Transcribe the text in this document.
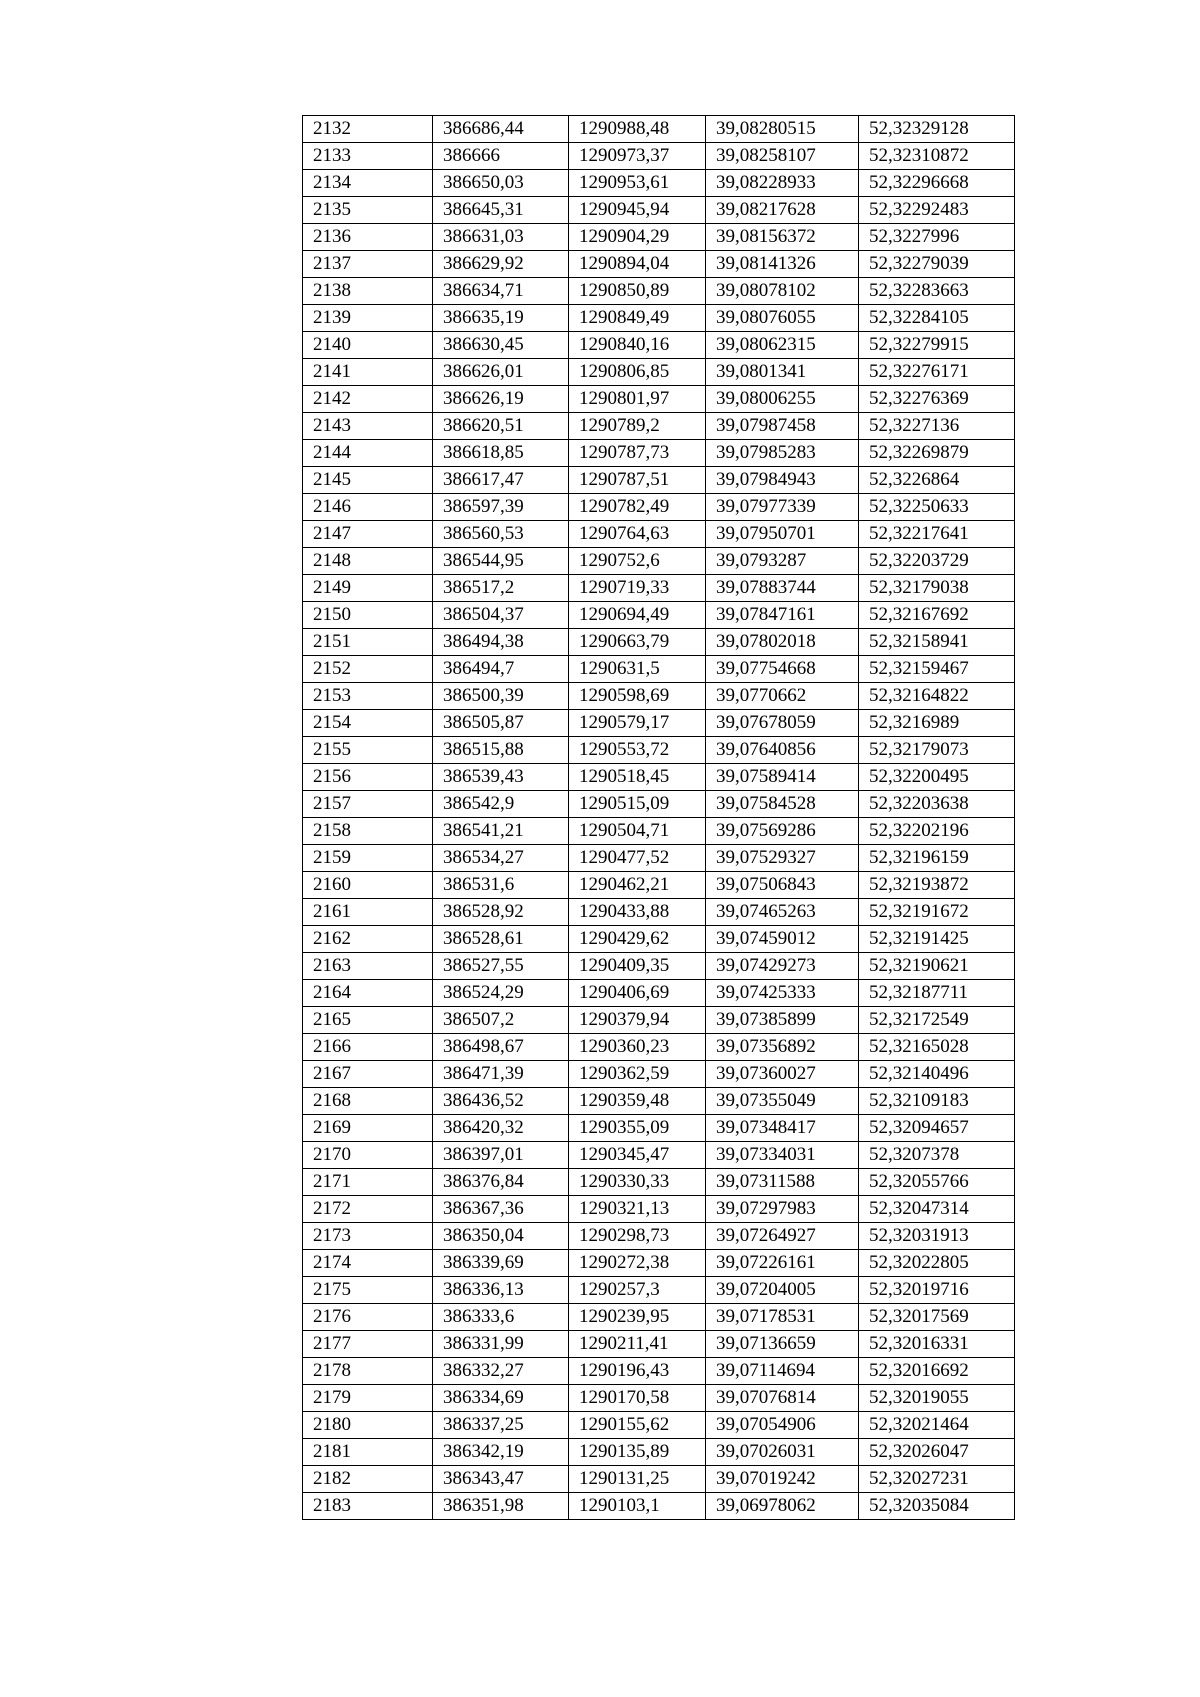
2132	386686,44	1290988,48	39,08280515	52,32329128
2133	386666	1290973,37	39,08258107	52,32310872
2134	386650,03	1290953,61	39,08228933	52,32296668
2135	386645,31	1290945,94	39,08217628	52,32292483
2136	386631,03	1290904,29	39,08156372	52,3227996
2137	386629,92	1290894,04	39,08141326	52,32279039
2138	386634,71	1290850,89	39,08078102	52,32283663
2139	386635,19	1290849,49	39,08076055	52,32284105
2140	386630,45	1290840,16	39,08062315	52,32279915
2141	386626,01	1290806,85	39,0801341	52,32276171
2142	386626,19	1290801,97	39,08006255	52,32276369
2143	386620,51	1290789,2	39,07987458	52,3227136
2144	386618,85	1290787,73	39,07985283	52,32269879
2145	386617,47	1290787,51	39,07984943	52,3226864
2146	386597,39	1290782,49	39,07977339	52,32250633
2147	386560,53	1290764,63	39,07950701	52,32217641
2148	386544,95	1290752,6	39,0793287	52,32203729
2149	386517,2	1290719,33	39,07883744	52,32179038
2150	386504,37	1290694,49	39,07847161	52,32167692
2151	386494,38	1290663,79	39,07802018	52,32158941
2152	386494,7	1290631,5	39,07754668	52,32159467
2153	386500,39	1290598,69	39,0770662	52,32164822
2154	386505,87	1290579,17	39,07678059	52,3216989
2155	386515,88	1290553,72	39,07640856	52,32179073
2156	386539,43	1290518,45	39,07589414	52,32200495
2157	386542,9	1290515,09	39,07584528	52,32203638
2158	386541,21	1290504,71	39,07569286	52,32202196
2159	386534,27	1290477,52	39,07529327	52,32196159
2160	386531,6	1290462,21	39,07506843	52,32193872
2161	386528,92	1290433,88	39,07465263	52,32191672
2162	386528,61	1290429,62	39,07459012	52,32191425
2163	386527,55	1290409,35	39,07429273	52,32190621
2164	386524,29	1290406,69	39,07425333	52,32187711
2165	386507,2	1290379,94	39,07385899	52,32172549
2166	386498,67	1290360,23	39,07356892	52,32165028
2167	386471,39	1290362,59	39,07360027	52,32140496
2168	386436,52	1290359,48	39,07355049	52,32109183
2169	386420,32	1290355,09	39,07348417	52,32094657
2170	386397,01	1290345,47	39,07334031	52,3207378
2171	386376,84	1290330,33	39,07311588	52,32055766
2172	386367,36	1290321,13	39,07297983	52,32047314
2173	386350,04	1290298,73	39,07264927	52,32031913
2174	386339,69	1290272,38	39,07226161	52,32022805
2175	386336,13	1290257,3	39,07204005	52,32019716
2176	386333,6	1290239,95	39,07178531	52,32017569
2177	386331,99	1290211,41	39,07136659	52,32016331
2178	386332,27	1290196,43	39,07114694	52,32016692
2179	386334,69	1290170,58	39,07076814	52,32019055
2180	386337,25	1290155,62	39,07054906	52,32021464
2181	386342,19	1290135,89	39,07026031	52,32026047
2182	386343,47	1290131,25	39,07019242	52,32027231
2183	386351,98	1290103,1	39,06978062	52,32035084
